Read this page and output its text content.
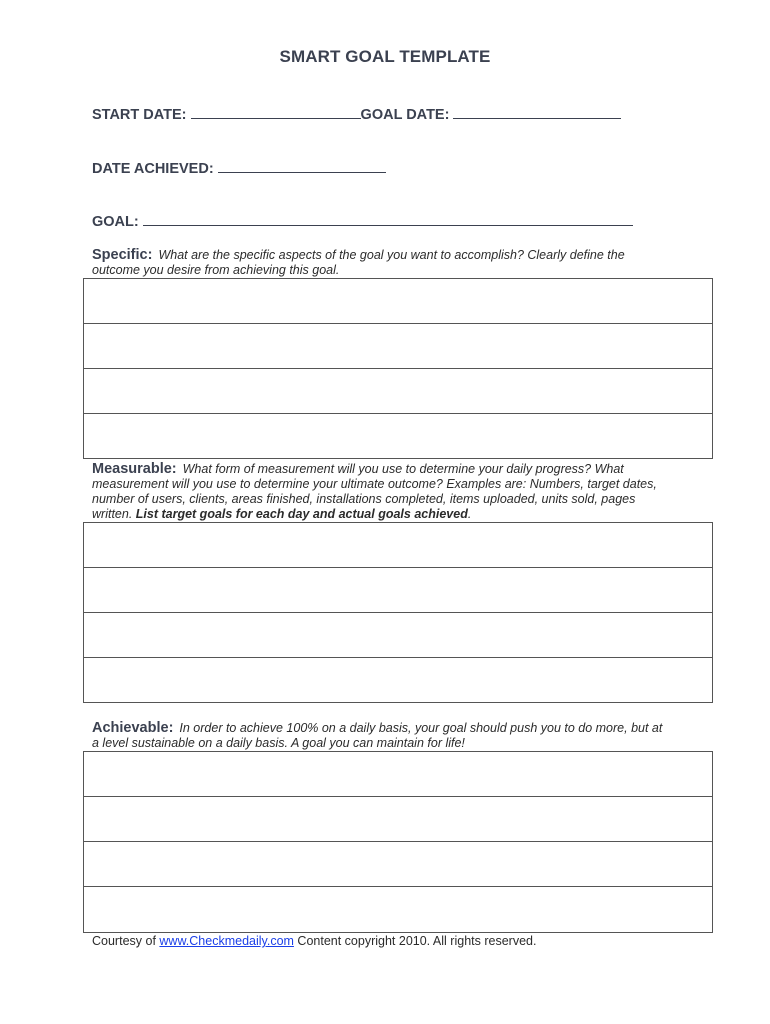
SMART GOAL TEMPLATE
START DATE:	GOAL DATE:
DATE ACHIEVED:
GOAL:
Specific: What are the specific aspects of the goal you want to accomplish? Clearly define the outcome you desire from achieving this goal.
Measurable: What form of measurement will you use to determine your daily progress? What measurement will you use to determine your ultimate outcome? Examples are: Numbers, target dates, number of users, clients, areas finished, installations completed, items uploaded, units sold, pages written. List target goals for each day and actual goals achieved.
Achievable: In order to achieve 100% on a daily basis, your goal should push you to do more, but at a level sustainable on a daily basis. A goal you can maintain for life!
Courtesy of www.Checkmedaily.com Content copyright 2010. All rights reserved.
